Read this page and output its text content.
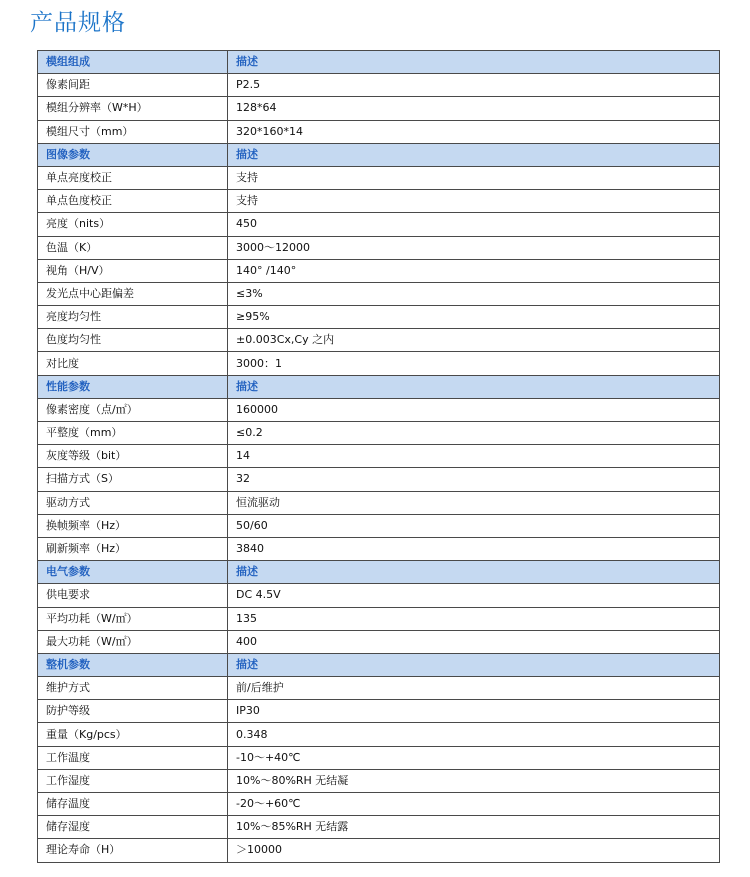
产品规格
模组组成	描述
像素间距	P2.5
模组分辨率（W*H）	128*64
模组尺寸（mm）	320*160*14
图像参数	描述
单点亮度校正	支持
单点色度校正	支持
亮度（nits）	450
色温（K）	3000～12000
视角（H/V）	140° /140°
发光点中心距偏差	≤3%
亮度均匀性	≥95%
色度均匀性	±0.003Cx,Cy 之内
对比度	3000：1
性能参数	描述
像素密度（点/㎡）	160000
平整度（mm）	≤0.2
灰度等级（bit）	14
扫描方式（S）	32
驱动方式	恒流驱动
换帧频率（Hz）	50/60
刷新频率（Hz）	3840
电气参数	描述
供电要求	DC 4.5V
平均功耗（W/㎡）	135
最大功耗（W/㎡）	400
整机参数	描述
维护方式	前/后维护
防护等级	IP30
重量（Kg/pcs）	0.348
工作温度	-10～+40℃
工作湿度	10%～80%RH 无结凝
储存温度	-20～+60℃
储存湿度	10%～85%RH 无结露
理论寿命（H）	＞10000
